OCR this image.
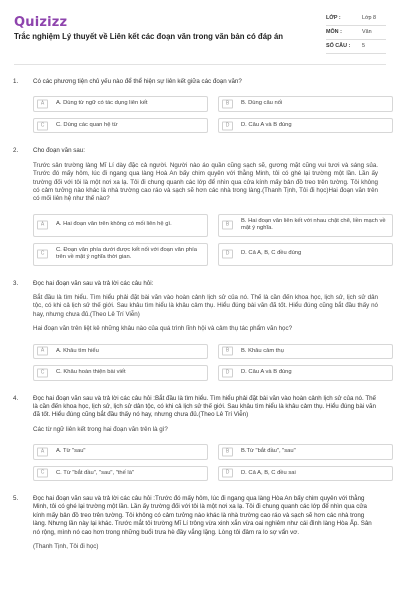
Quizizz
Trắc nghiệm Lý thuyết về Liên kết các đoạn văn trong văn bản có đáp án
LỚP :	Lớp 8
MÔN :	Văn
SỐ CÂU : 5
1. Có các phương tiện chủ yếu nào để thể hiện sự liên kết giữa các đoạn văn?
A	A. Dùng từ ngữ có tác dụng liên kết	B	B. Dùng câu nối
C	C. Dùng các quan hệ từ	D	D. Câu A và B đúng
2. Cho đoạn văn sau:
Trước sân trường làng Mĩ Lí dày đặc cả người. Người nào áo quần cũng sạch sẽ, gương mặt cũng vui tươi và sáng sủa. Trước đó mấy hôm, lúc đi ngang qua làng Hoà An bấy chim quyên với thằng Minh, tôi có ghé lại trường một lần. Lần ấy trường đối với tôi là một nơi xa lạ. Tôi đi chung quanh các lớp để nhìn qua cửa kính mấy bản đồ treo trên tường. Tôi không có cảm tưởng nào khác là nhà trường cao ráo và sạch sẽ hơn các nhà trong làng.(Thanh Tịnh, Tôi đi học)Hai đoạn văn trên có mối liên hệ như thế nào?
A	A. Hai đoạn văn trên không có mối liên hệ gì.	B
B. Hai đoạn văn liên kết với nhau chặt chẽ, liền mạch về mặt ý nghĩa.
C
C. Đoạn văn phía dưới được kết nối với đoạn văn phía trên về mặt ý nghĩa thời gian.
D	D. Cả A, B, C đều đúng
3. Đọc hai đoạn văn sau và trả lời các câu hỏi:
Bắt đầu là tìm hiểu. Tìm hiểu phải đặt bài văn vào hoàn cảnh lịch sử của nó. Thế là cần đến khoa học, lịch sử, lịch sử dân tộc, có khi cả lịch sử thế giới. Sau khâu tìm hiểu là khâu cảm thụ. Hiểu đúng bài văn đã tốt. Hiểu đúng cũng bắt đầu thấy nó hay, nhưng chưa đủ.(Theo Lê Trí Viễn)
Hai đoạn văn trên liệt kê những khâu nào của quá trình lĩnh hội và cảm thụ tác phẩm văn học?
A	A. Khâu tìm hiểu	B	B. Khâu cảm thụ
C	C. Khâu hoàn thiện bài viết	D	D. Câu A và B đúng
4. Đọc hai đoạn văn sau và trả lời các câu hỏi :Bắt đầu là tìm hiểu. Tìm hiểu phải đặt bài văn vào hoàn cảnh lịch sử của nó. Thế là cần đến khoa học, lịch sử, lịch sử dân tộc, có khi cả lịch sử thế giới. Sau khâu tìm hiểu là khâu cảm thụ. Hiểu đúng bài văn đã tốt. Hiểu đúng cũng bắt đầu thấy nó hay, nhưng chưa đủ.(Theo Lê Trí Viễn)
Các từ ngữ liên kết trong hai đoạn văn trên là gì?
A	A. Từ "sau"	B	B.Từ "bắt đầu", "sau"
C	C. Từ "bắt đầu", "sau", "thế là"	D	D. Cả A, B, C đều sai
5. Đọc hai đoạn văn sau và trả lời các câu hỏi :Trước đó mấy hôm, lúc đi ngang qua làng Hòa An bấy chim quyên với thằng Minh, tôi có ghé lại trường một lần. Lần ấy trường đối với tôi là một nơi xa lạ. Tôi đi chung quanh các lớp để nhìn qua cửa kính mấy bản đồ treo trên tường. Tôi không có cảm tưởng nào khác là nhà trường cao ráo và sạch sẽ hơn các nhà trong làng. Nhưng lần này lại khác. Trước mắt tôi trường Mĩ Lí trông vừa xinh xắn vừa oai nghiêm như cái đình làng Hòa Ấp. Sân nó rộng, mình nó cao hơn trong những buổi trưa hè đầy vắng lặng. Lòng tôi đâm ra lo sợ vẩn vơ.
(Thanh Tịnh, Tôi đi học)
